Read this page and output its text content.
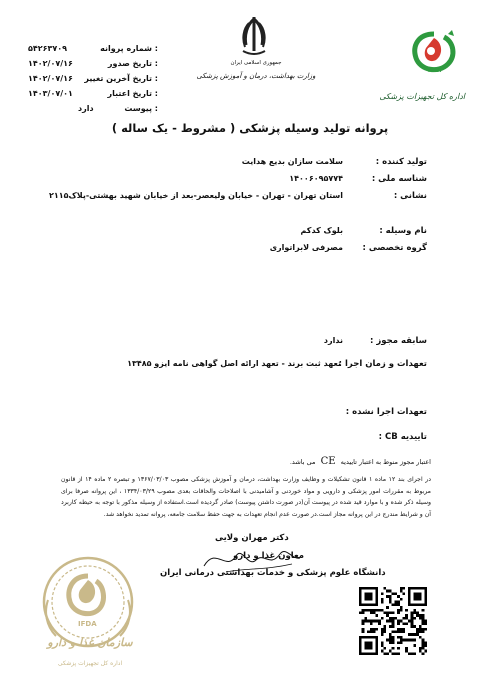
IFDA
اداره کل تجهیزات پزشکی
جمهوری اسلامی ایران
وزارت بهداشت، درمان و آموزش پزشکی
شماره پروانه :
۵۴۲۶۳۷۰۹
تاریخ صدور :
۱۴۰۲/۰۷/۱۶
تاریخ آخرین تغییر :
۱۴۰۲/۰۷/۱۶
تاریخ اعتبار :
۱۴۰۳/۰۷/۰۱
پیوست :
دارد
پروانه تولید وسیله پزشکی ( مشروط - یک ساله )
تولید کننده :
سلامت سازان بدیع هدایت
شناسه ملی :
۱۴۰۰۶۰۹۵۷۷۴
نشانی :
استان تهران - تهران - خیابان ولیعصر-بعد از خیابان شهید بهشتی-پلاک۲۱۱۵
نام وسیله :
بلوک کدکم
گروه تخصصی :
مصرفی لابراتواری
سابقه مجوز :
ندارد
تعهدات و زمان اجرا :
تعهد ثبت برند - تعهد ارائه اصل گواهی نامه ایزو ۱۳۴۸۵
تعهدات اجرا نشده :
تاییدیه CB :
اعتبار مجوز منوط به اعتبار تاییدیه CE می باشد.
در اجرای بند ۱۲ ماده ۱ قانون تشکیلات و وظایف وزارت بهداشت، درمان و آموزش پزشکی مصوب ۱۳۶۷/۰۳/۰۳ و تبصره ۲ ماده ۱۴ از قانون مربوط به مقررات امور پزشکی و دارویی و مواد خوردنی و آشامیدنی با اصلاحات والحاقات بعدی مصوب ۱۳۳۴/۰۳/۲۹ ، این پروانه صرفا برای وسیله ذکر شده و با موارد قید شده در پیوست آن(در صورت داشتن پیوست) صادر گردیده است.استفاده از وسیله مذکور با توجه به حیطه کاربرد آن و شرایط مندرج در این پروانه مجاز است.در صورت عدم انجام تعهدات به جهت حفظ سلامت جامعه، پروانه تمدید نخواهد شد.
دکتر مهران ولایی
معاون غذا و دارو
دانشگاه علوم پزشکی و خدمات بهداشتی درمانی ایران
IFDA
سازمان غذا و دارو
اداره کل تجهیزات پزشکی
